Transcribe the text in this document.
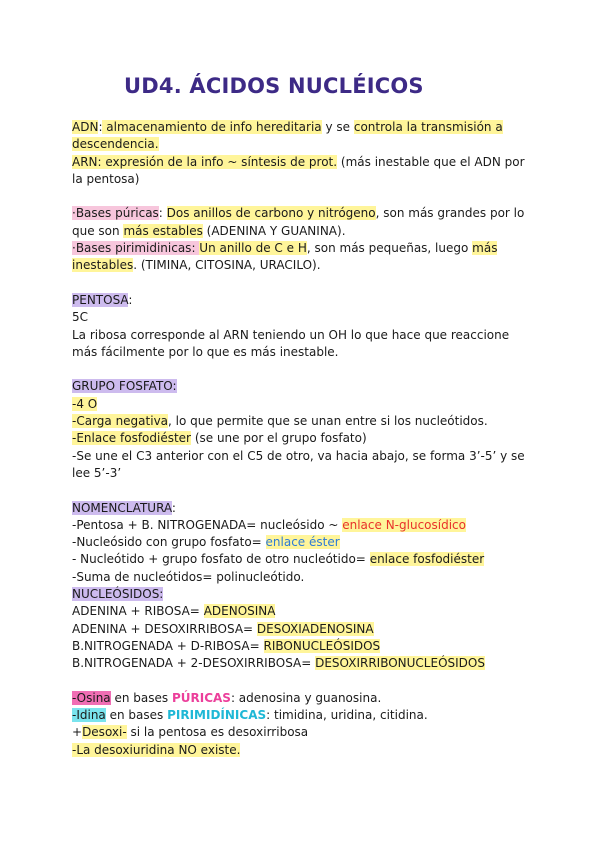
UD4. ÁCIDOS NUCLÉICOS

ADN: almacenamiento de info hereditaria y se controla la transmisión a descendencia.

ARN: expresión de la info ~ síntesis de prot. (más inestable que el ADN por la pentosa)

·Bases púricas: Dos anillos de carbono y nitrógeno, son más grandes por lo que son más estables (ADENINA Y GUANINA).

·Bases pirimidinicas: Un anillo de C e H, son más pequeñas, luego más inestables. (TIMINA, CITOSINA, URACILO).

PENTOSA:

5C

La ribosa corresponde al ARN teniendo un OH lo que hace que reaccione más fácilmente por lo que es más inestable.

GRUPO FOSFATO:

-4 O

-Carga negativa, lo que permite que se unan entre si los nucleótidos.

-Enlace fosfodiéster (se une por el grupo fosfato)

-Se une el C3 anterior con el C5 de otro, va hacia abajo, se forma 3’-5’ y se lee 5’-3’

NOMENCLATURA:

-Pentosa + B. NITROGENADA= nucleósido ~ enlace N-glucosídico

-Nucleósido con grupo fosfato= enlace éster

- Nucleótido + grupo fosfato de otro nucleótido= enlace fosfodiéster

-Suma de nucleótidos= polinucleótido.

NUCLEÓSIDOS:

ADENINA + RIBOSA= ADENOSINA

ADENINA + DESOXIRRIBOSA= DESOXIADENOSINA

B.NITROGENADA + D-RIBOSA= RIBONUCLEÓSIDOS

B.NITROGENADA + 2-DESOXIRRIBOSA= DESOXIRRIBONUCLEÓSIDOS

-Osina en bases PÚRICAS: adenosina y guanosina.

-Idina en bases PIRIMIDÍNICAS: timidina, uridina, citidina.

+Desoxi- si la pentosa es desoxirribosa

-La desoxiuridina NO existe.
